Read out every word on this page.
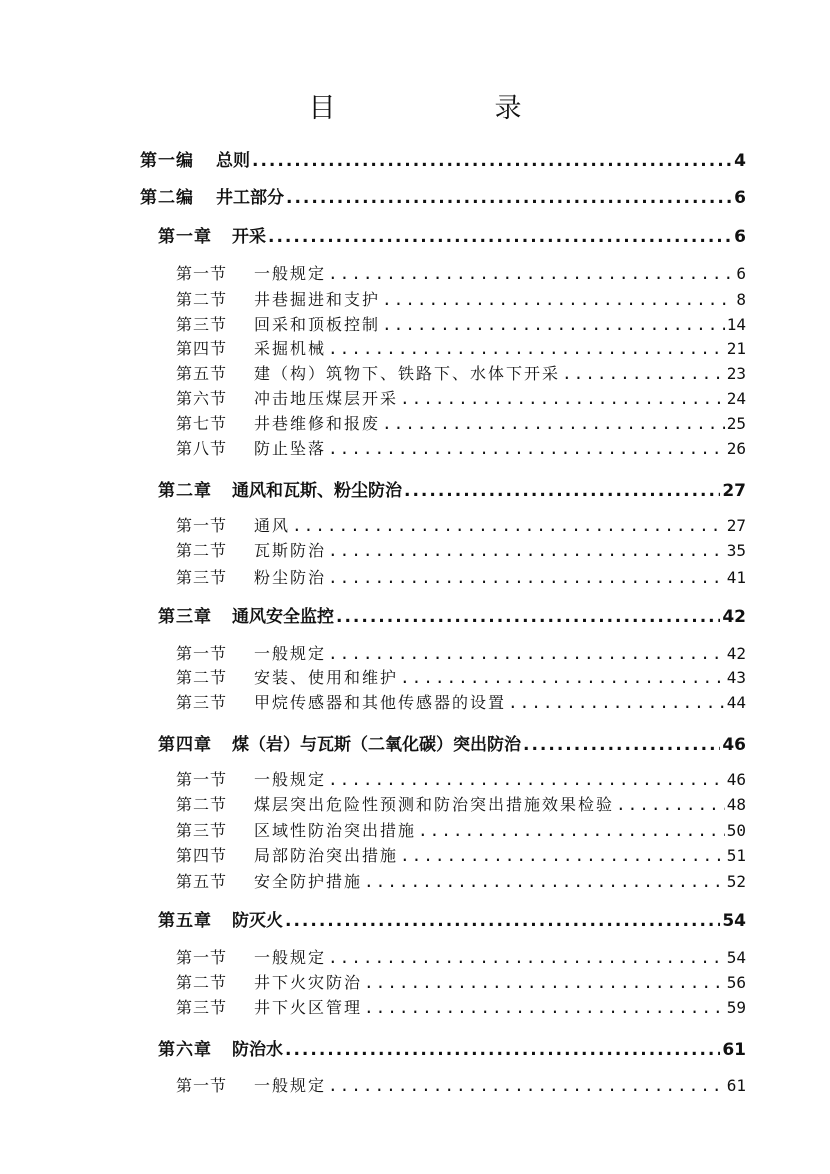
目　录
第一编	总则 .....	4
第二编	井工部分 .....	6
第一章	开采 .....	6
第一节	一般规定 .....	6
第二节	井巷掘进和支护 .....	8
第三节	回采和顶板控制 .....	14
第四节	采掘机械 .....	21
第五节	建（构）筑物下、铁路下、水体下开采 .....	23
第六节	冲击地压煤层开采 .....	24
第七节	井巷维修和报废 .....	25
第八节	防止坠落 .....	26
第二章	通风和瓦斯、粉尘防治 .....	27
第一节	通风 .....	27
第二节	瓦斯防治 .....	35
第三节	粉尘防治 .....	41
第三章	通风安全监控 .....	42
第一节	一般规定 .....	42
第二节	安装、使用和维护 .....	43
第三节	甲烷传感器和其他传感器的设置 .....	44
第四章	煤（岩）与瓦斯（二氧化碳）突出防治 .....	46
第一节	一般规定 .....	46
第二节	煤层突出危险性预测和防治突出措施效果检验 .....	48
第三节	区域性防治突出措施 .....	50
第四节	局部防治突出措施 .....	51
第五节	安全防护措施 .....	52
第五章	防灭火 .....	54
第一节	一般规定 .....	54
第二节	井下火灾防治 .....	56
第三节	井下火区管理 .....	59
第六章	防治水 .....	61
第一节	一般规定 .....	61
